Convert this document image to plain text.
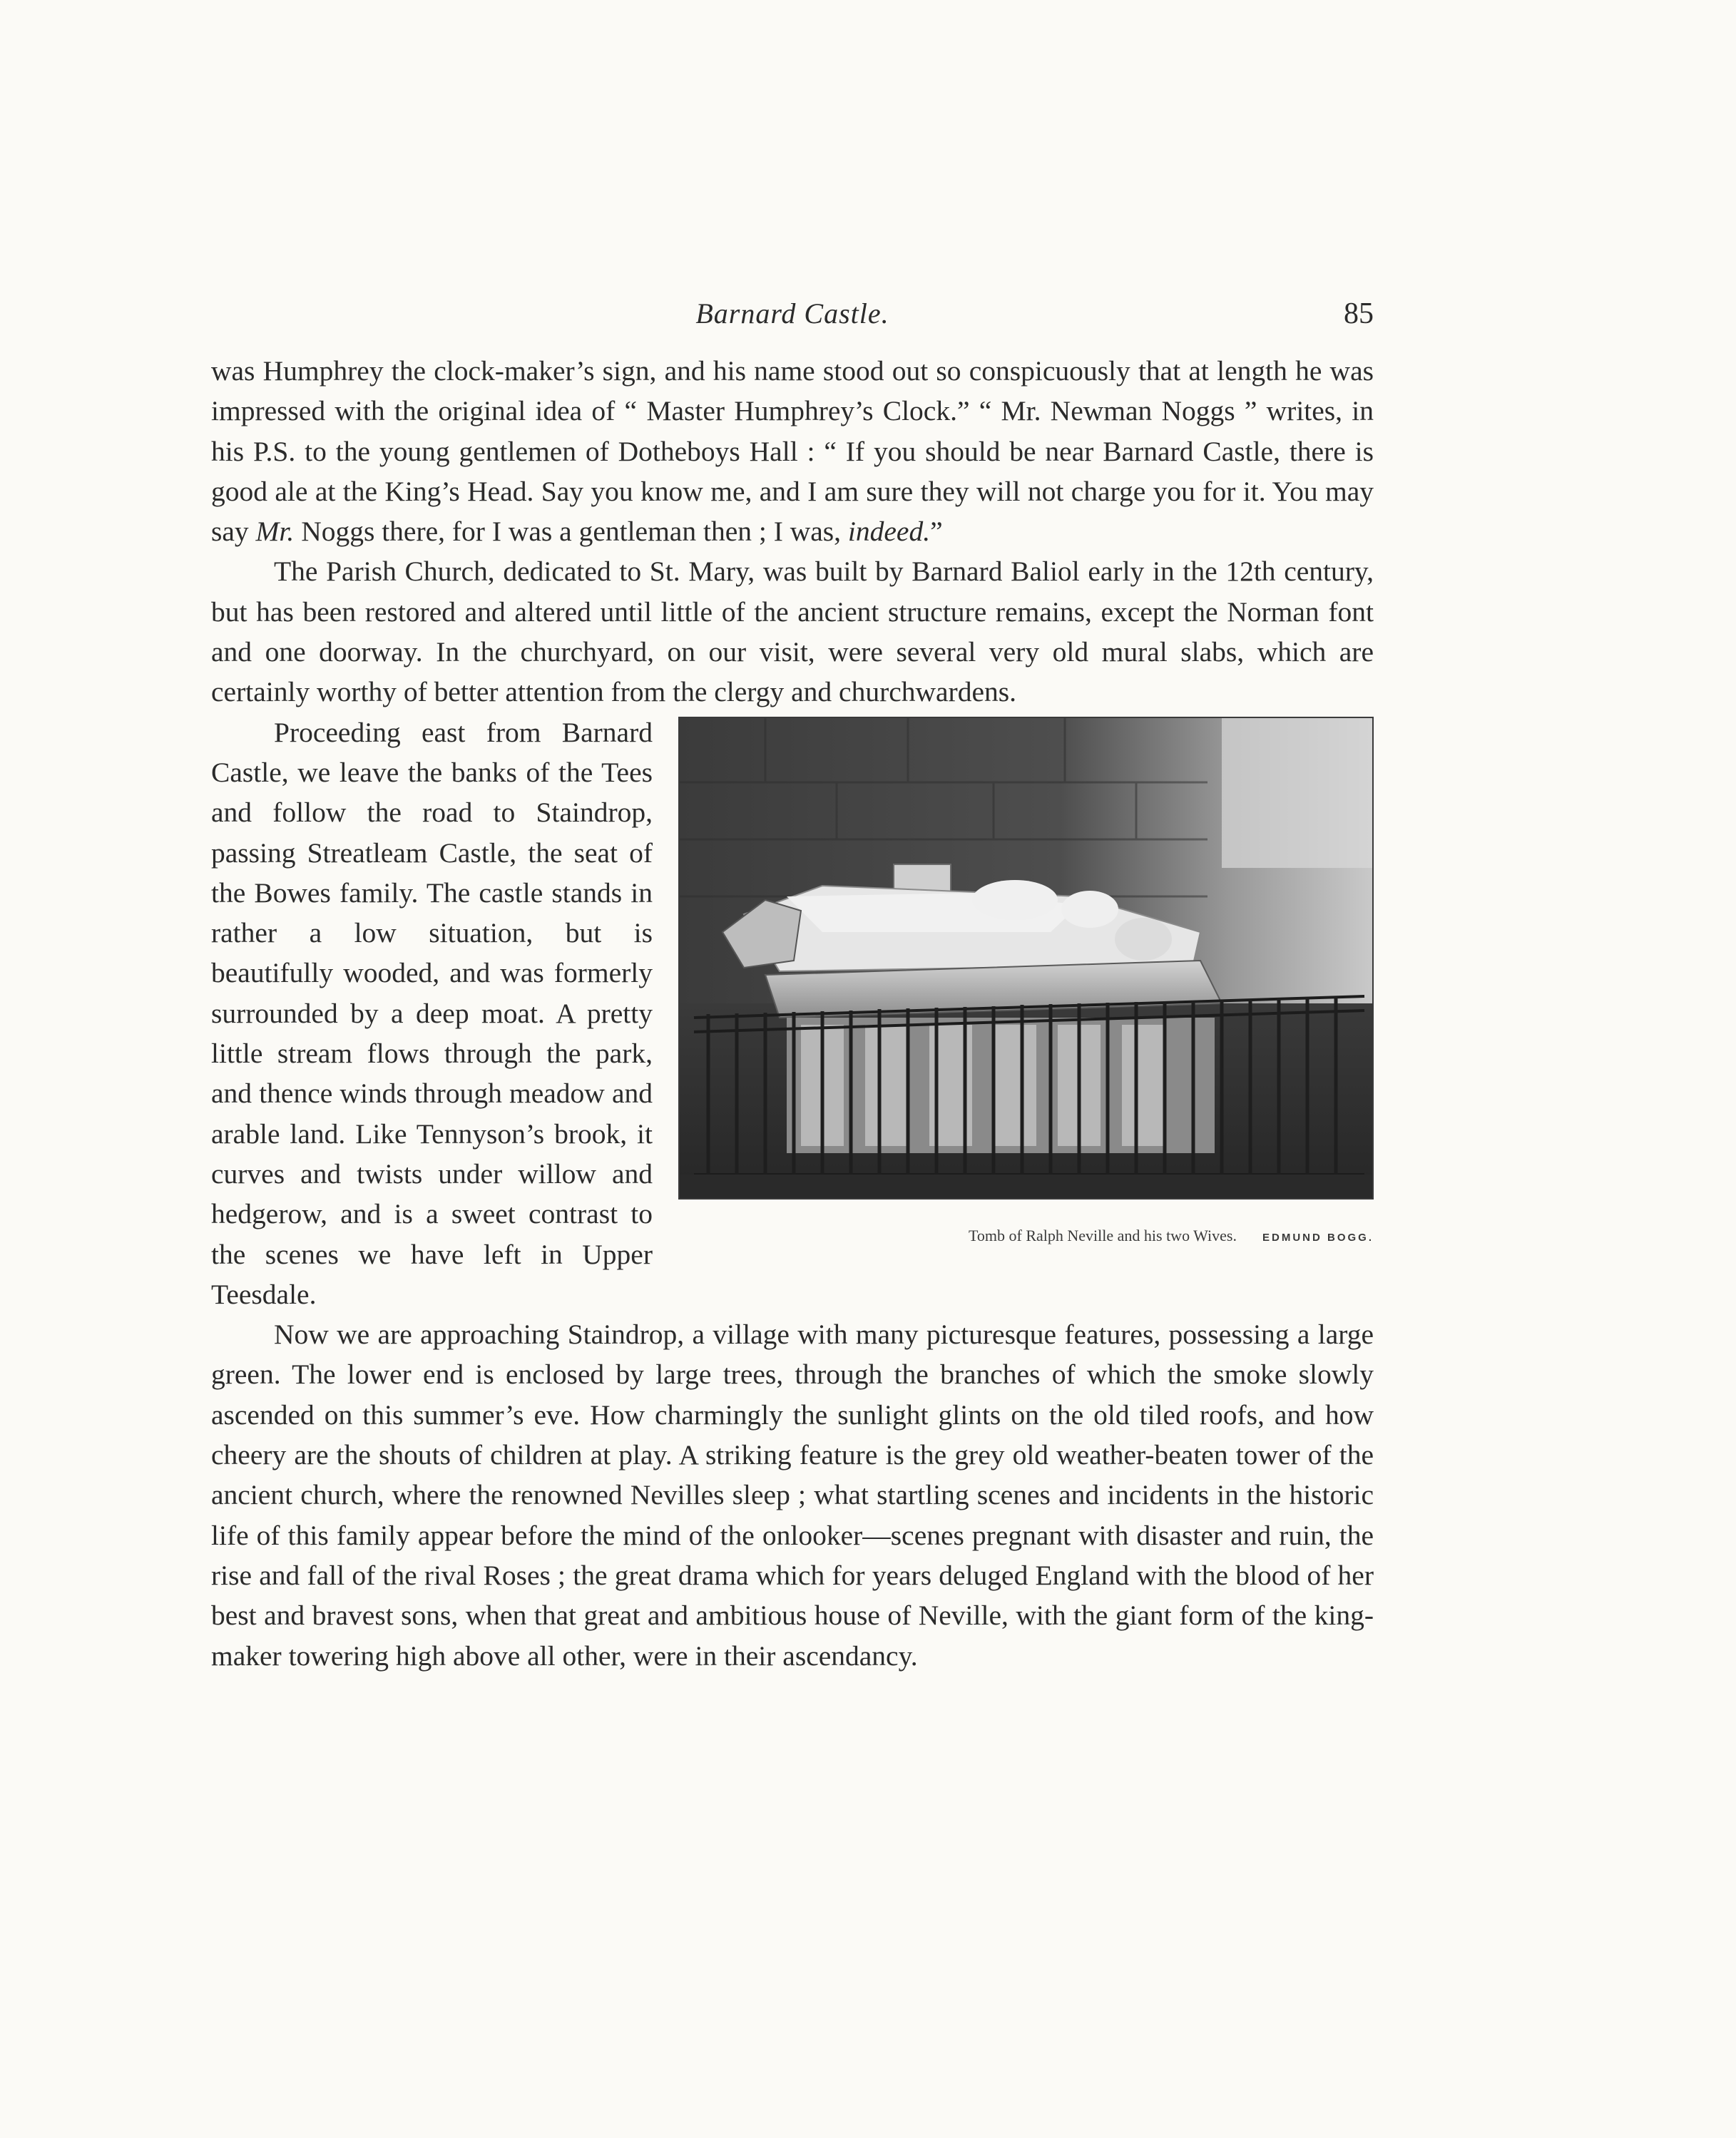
Barnard Castle.	85

was Humphrey the clock-maker’s sign, and his name stood out so conspicuously that at length he was impressed with the original idea of “ Master Humphrey’s Clock.” “ Mr. Newman Noggs ” writes, in his P.S. to the young gentlemen of Dotheboys Hall : “ If you should be near Barnard Castle, there is good ale at the King’s Head. Say you know me, and I am sure they will not charge you for it. You may say Mr. Noggs there, for I was a gentleman then ; I was, indeed.”

The Parish Church, dedicated to St. Mary, was built by Barnard Baliol early in the 12th century, but has been restored and altered until little of the ancient structure remains, except the Norman font and one doorway. In the churchyard, on our visit, were several very old mural slabs, which are certainly worthy of better attention from the clergy and churchwardens.

Tomb of Ralph Neville and his two Wives. EDMUND BOGG.

Proceeding east from Barnard Castle, we leave the banks of the Tees and follow the road to Staindrop, passing Streatleam Castle, the seat of the Bowes family. The castle stands in rather a low situation, but is beautifully wooded, and was formerly surrounded by a deep moat. A pretty little stream flows through the park, and thence winds through meadow and arable land. Like Tennyson’s brook, it curves and twists under willow and hedgerow, and is a sweet contrast to the scenes we have left in Upper Teesdale.

Now we are approaching Staindrop, a village with many picturesque features, possessing a large green. The lower end is enclosed by large trees, through the branches of which the smoke slowly ascended on this summer’s eve. How charmingly the sunlight glints on the old tiled roofs, and how cheery are the shouts of children at play. A striking feature is the grey old weather-beaten tower of the ancient church, where the renowned Nevilles sleep ; what startling scenes and incidents in the historic life of this family appear before the mind of the onlooker—scenes pregnant with disaster and ruin, the rise and fall of the rival Roses ; the great drama which for years deluged England with the blood of her best and bravest sons, when that great and ambitious house of Neville, with the giant form of the king-maker towering high above all other, were in their ascendancy.
